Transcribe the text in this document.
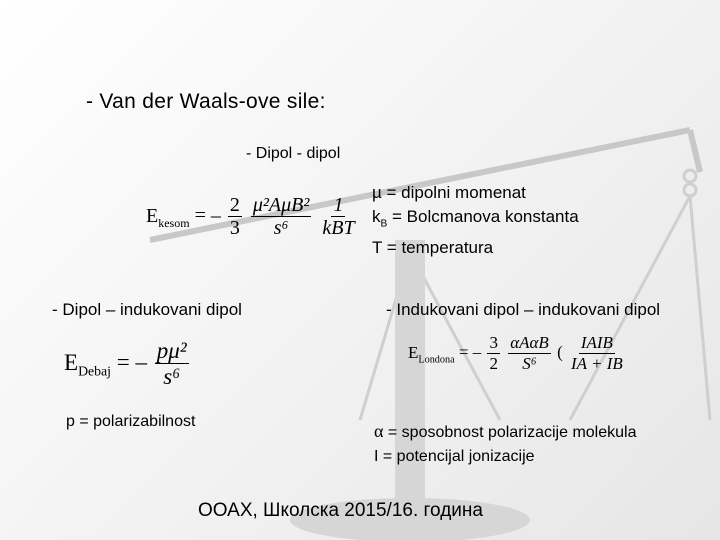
- Van der Waals-ove sile:
- Dipol - dipol
$E_{kesom}$ = – $\frac{2}{3}$
$\frac{\text{μ²AμB²}}{\text{s⁶}}$
$\frac{1}{\text{kBT}}$
µ = dipolni momenat
$k_B$ = Bolcmanova konstanta
T = temperatura
- Dipol – indukovani dipol	- Indukovani dipol – indukovani dipol
$E_{Debaj}$ = – $\frac{\text{pμ²}}{\text{s⁶}}$	$E_{Londona}$ = – $\frac{3}{2}$
$\frac{\text{αAαB}}{\text{S⁶}}$ ( $\frac{\text{IAIB}}{IA + IB}$
p = polarizabilnost	α = sposobnost polarizacije molekula
I = potencijal jonizacije
ООАХ, Школска 2015/16. година
